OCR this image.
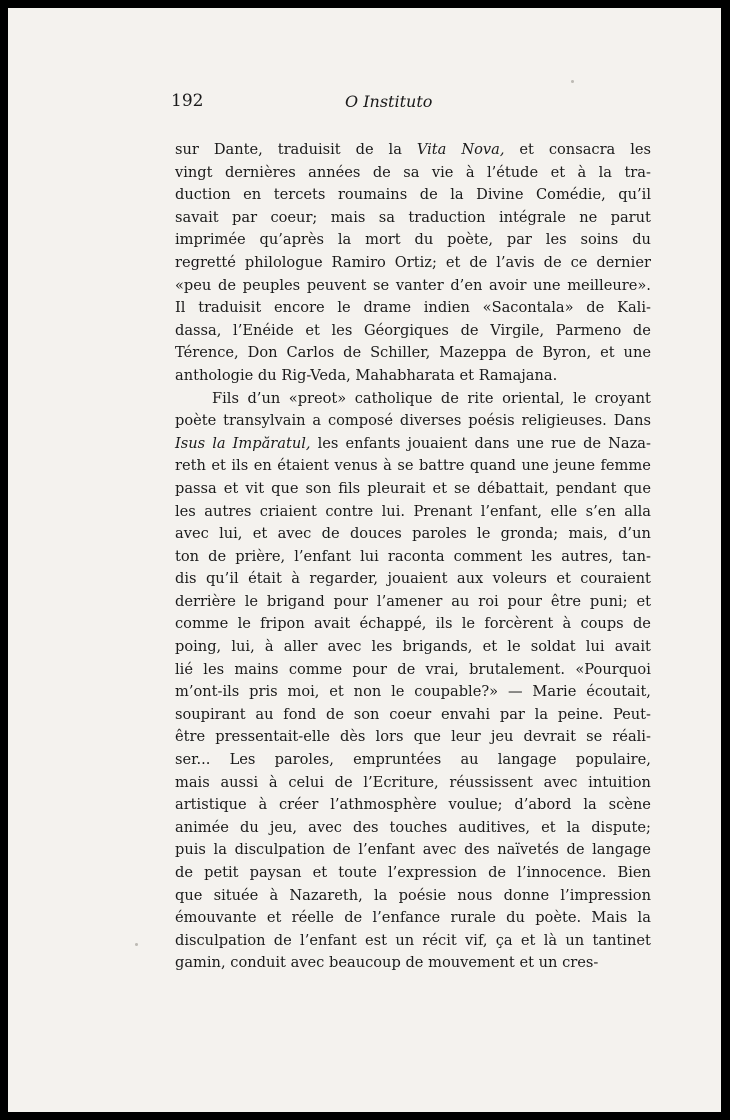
192	O Instituto
sur Dante, traduisit de la Vita Nova, et consacra les
vingt dernières années de sa vie à l’étude et à la tra-
duction en tercets roumains de la Divine Comédie, qu’il
savait par coeur; mais sa traduction intégrale ne parut
imprimée qu’après la mort du poète, par les soins du
regretté philologue Ramiro Ortiz; et de l’avis de ce dernier
«peu de peuples peuvent se vanter d’en avoir une meilleure».
Il traduisit encore le drame indien «Sacontala» de Kali-
dassa, l’Enéide et les Géorgiques de Virgile, Parmeno de
Térence, Don Carlos de Schiller, Mazeppa de Byron, et une
anthologie du Rig-Veda, Mahabharata et Ramajana.
Fils d’un «preot» catholique de rite oriental, le croyant
poète transylvain a composé diverses poésis religieuses. Dans
Isus la Impăratul, les enfants jouaient dans une rue de Naza-
reth et ils en étaient venus à se battre quand une jeune femme
passa et vit que son fils pleurait et se débattait, pendant que
les autres criaient contre lui. Prenant l’enfant, elle s’en alla
avec lui, et avec de douces paroles le gronda; mais, d’un
ton de prière, l’enfant lui raconta comment les autres, tan-
dis qu’il était à regarder, jouaient aux voleurs et couraient
derrière le brigand pour l’amener au roi pour être puni; et
comme le fripon avait échappé, ils le forcèrent à coups de
poing, lui, à aller avec les brigands, et le soldat lui avait
lié les mains comme pour de vrai, brutalement. «Pourquoi
m’ont-ils pris moi, et non le coupable?» — Marie écoutait,
soupirant au fond de son coeur envahi par la peine. Peut-
être pressentait-elle dès lors que leur jeu devrait se réali-
ser... Les paroles, empruntées au langage populaire,
mais aussi à celui de l’Ecriture, réussissent avec intuition
artistique à créer l’athmosphère voulue; d’abord la scène
animée du jeu, avec des touches auditives, et la dispute;
puis la disculpation de l’enfant avec des naïvetés de langage
de petit paysan et toute l’expression de l’innocence. Bien
que située à Nazareth, la poésie nous donne l’impression
émouvante et réelle de l’enfance rurale du poète. Mais la
disculpation de l’enfant est un récit vif, ça et là un tantinet
gamin, conduit avec beaucoup de mouvement et un cres-
